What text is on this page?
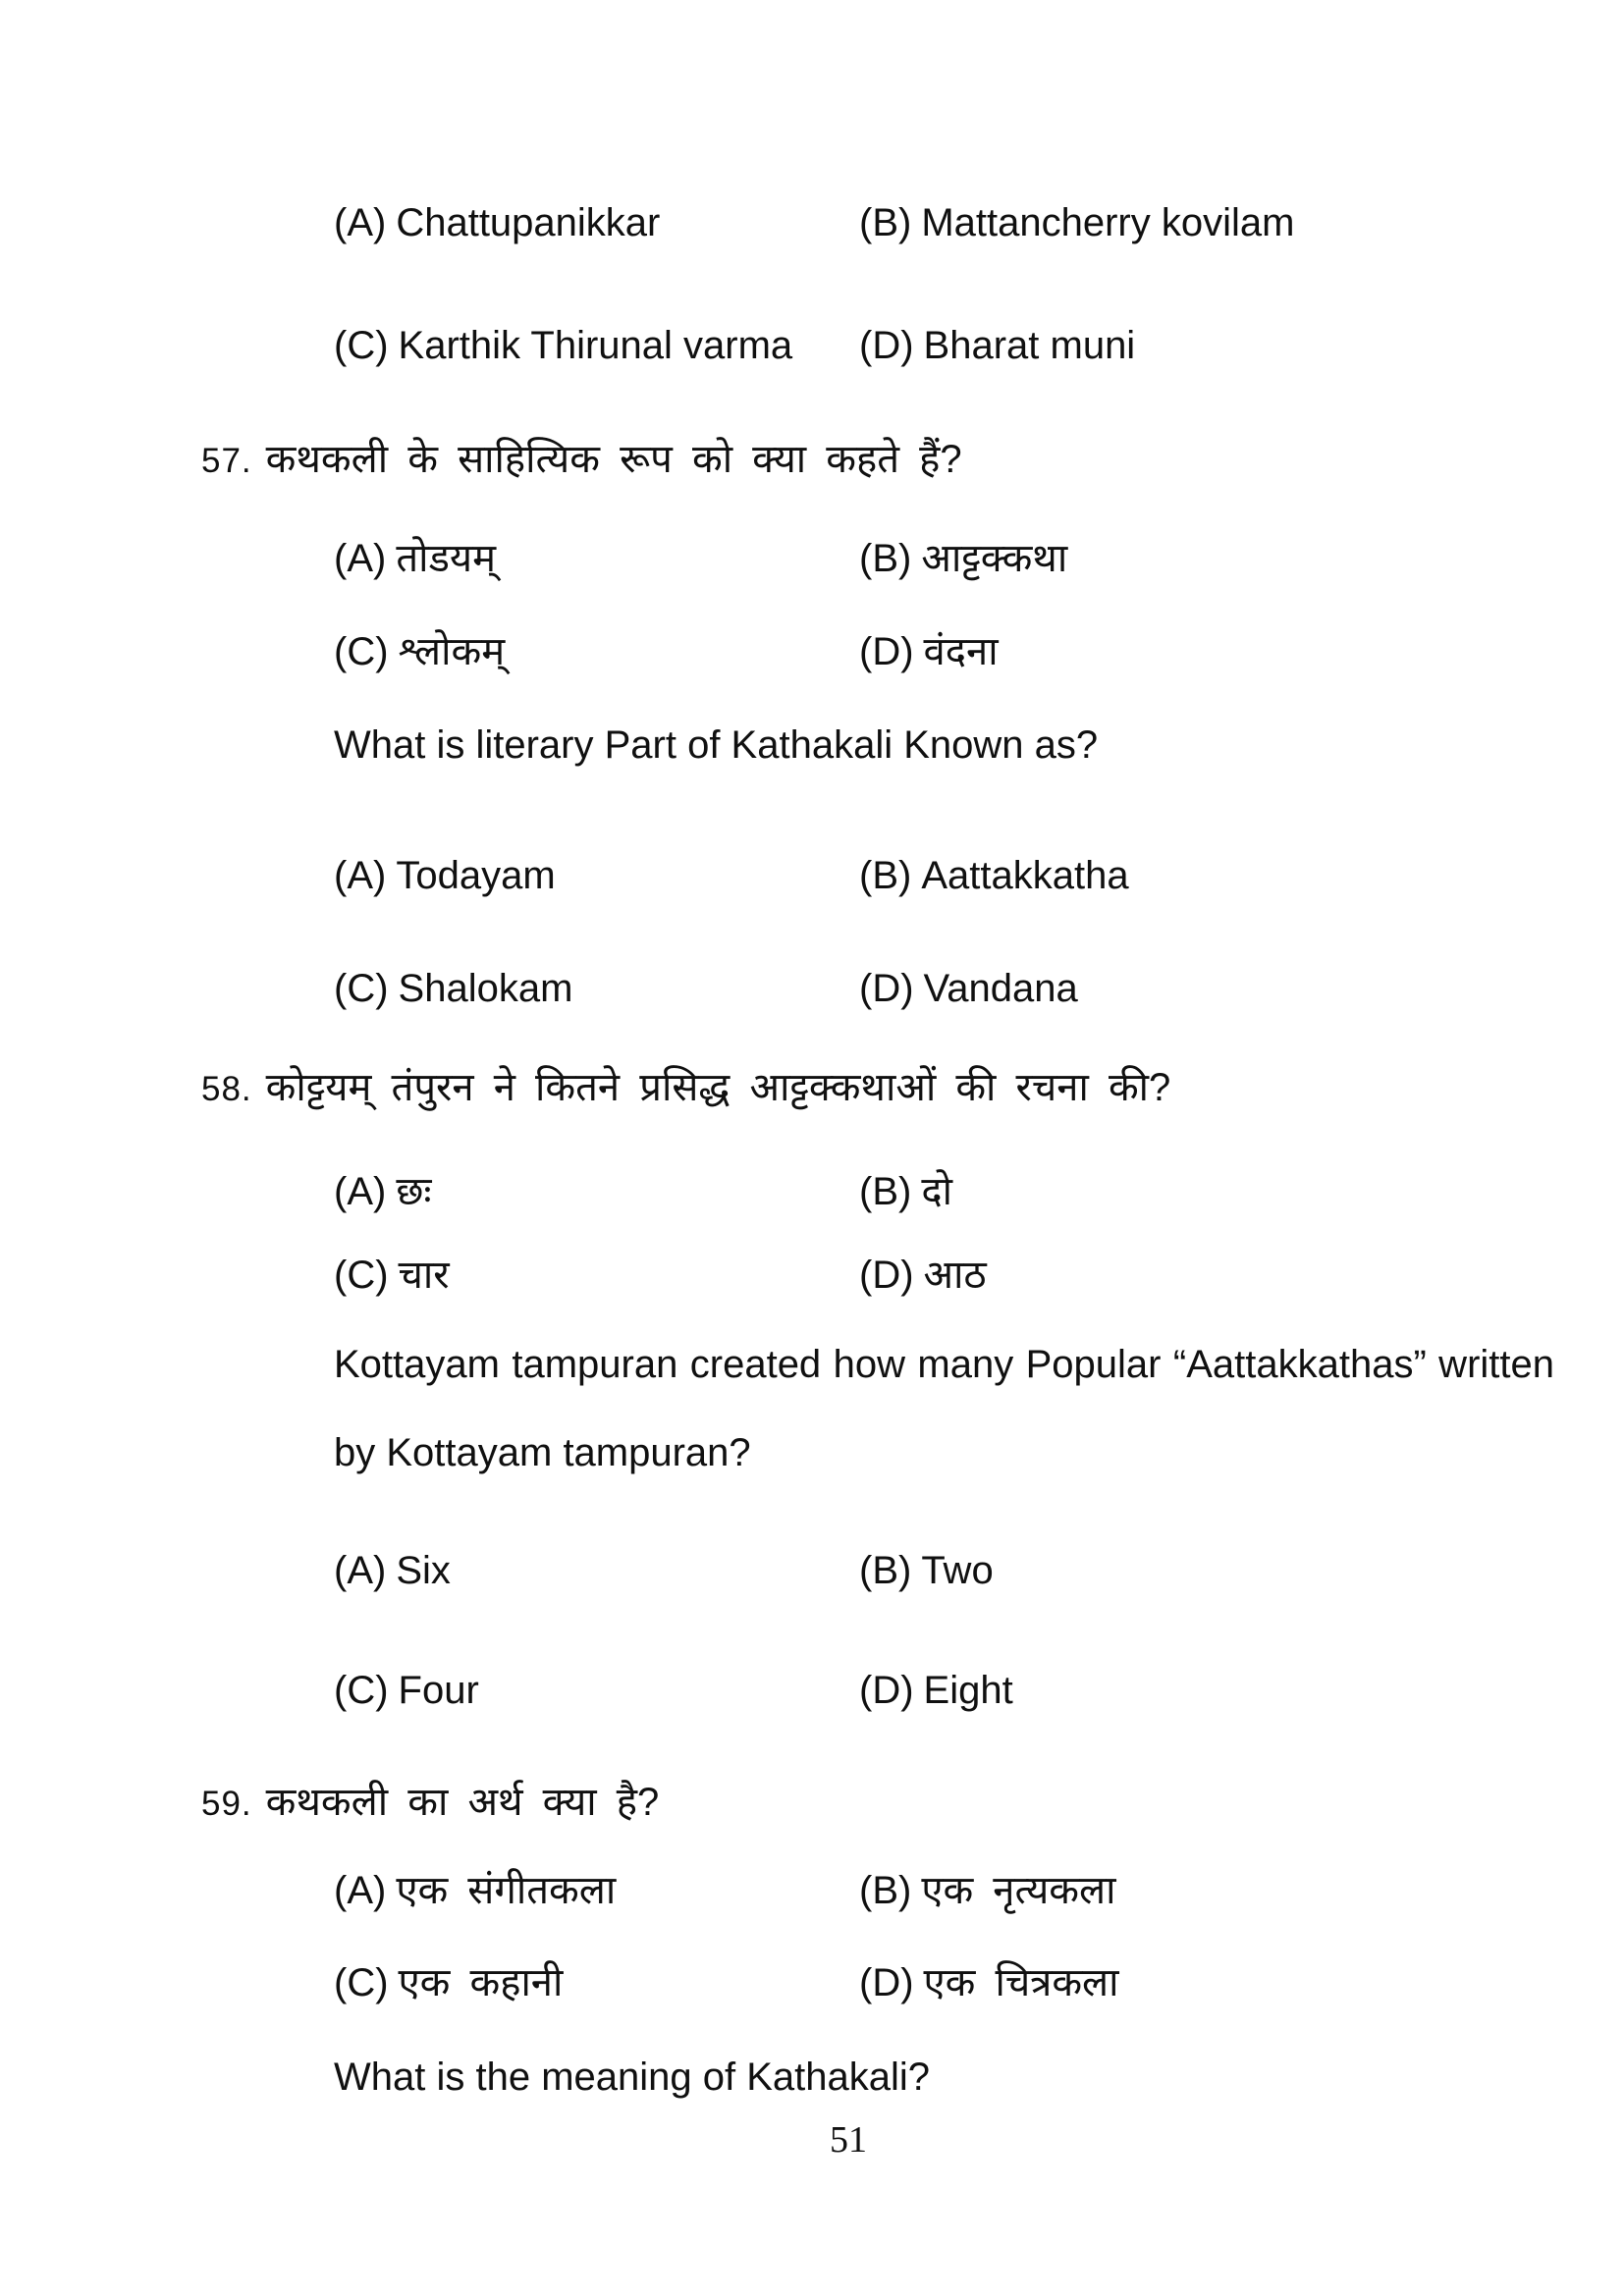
(A) Chattupanikkar	(B) Mattancherry kovilam
(C) Karthik Thirunal varma (D) Bharat muni
57. कथकली के साहित्यिक रूप को क्या कहते हैं?
(A) तोडयम्	(B) आट्टक्कथा
(C) श्लोकम्	(D) वंदना
What is literary Part of Kathakali Known as?
(A) Todayam	(B) Aattakkatha
(C) Shalokam	(D) Vandana
58. कोट्टयम् तंपुरन ने कितने प्रसिद्ध आट्टक्कथाओं की रचना की?
(A) छः	(B) दो
(C) चार	(D) आठ
Kottayam tampuran created how many Popular “Aattakkathas” written
by Kottayam tampuran?
(A) Six	(B) Two
(C) Four	(D) Eight
59. कथकली का अर्थ क्या है?
(A) एक संगीतकला	(B) एक नृत्यकला
(C) एक कहानी	(D) एक चित्रकला
What is the meaning of Kathakali?
51
